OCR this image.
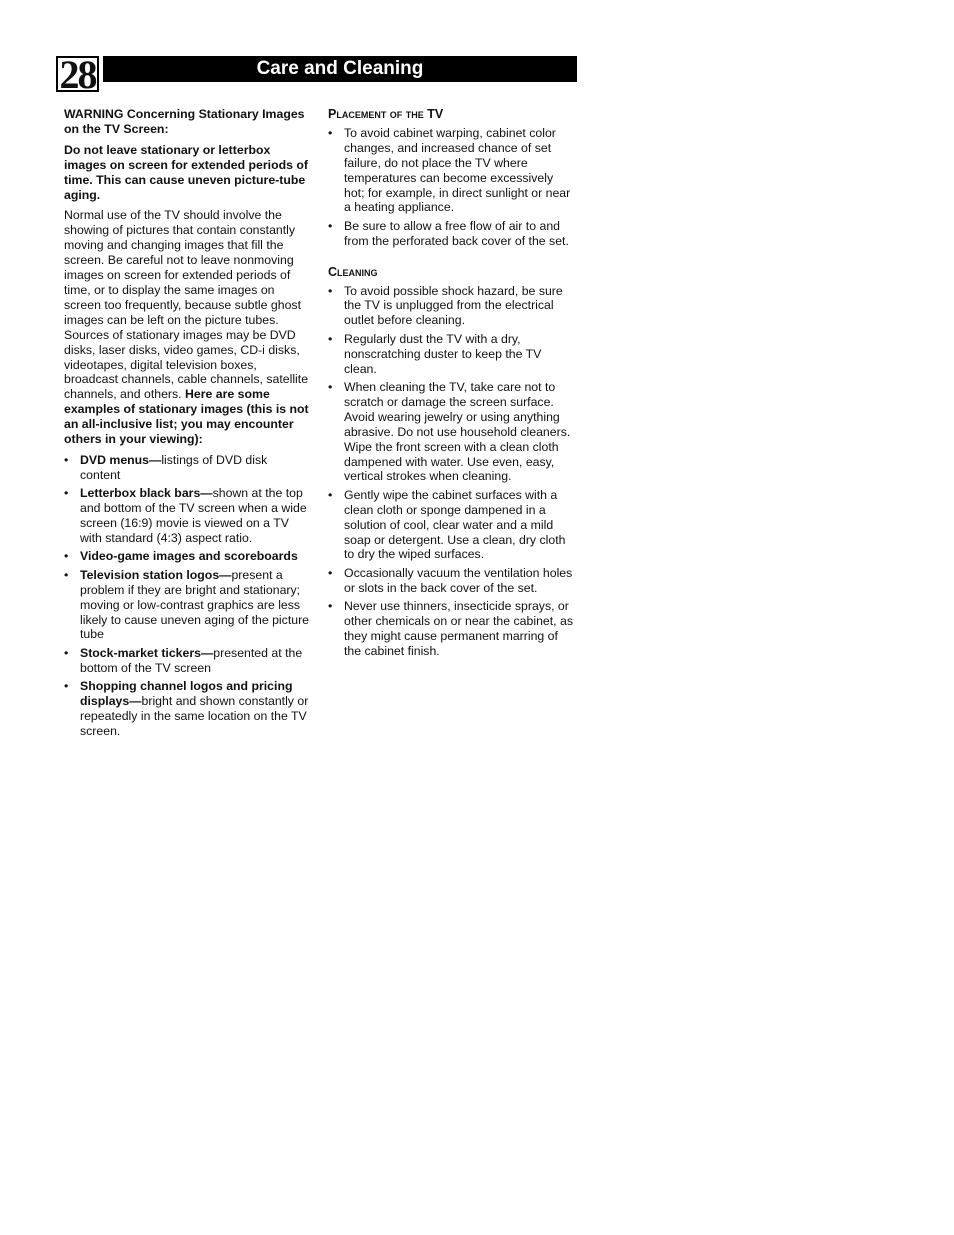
28	Care and Cleaning

WARNING Concerning Stationary Images on the TV Screen:

Do not leave stationary or letterbox images on screen for extended periods of time. This can cause uneven picture-tube aging.

Normal use of the TV should involve the showing of pictures that contain constantly moving and changing images that fill the screen. Be careful not to leave nonmoving images on screen for extended periods of time, or to display the same images on screen too frequently, because subtle ghost images can be left on the picture tubes. Sources of stationary images may be DVD disks, laser disks, video games, CD-i disks, videotapes, digital television boxes, broadcast channels, cable channels, satellite channels, and others. Here are some examples of stationary images (this is not an all-inclusive list; you may encounter others in your viewing):

• DVD menus—listings of DVD disk content
• Letterbox black bars—shown at the top and bottom of the TV screen when a wide screen (16:9) movie is viewed on a TV with standard (4:3) aspect ratio.
• Video-game images and scoreboards
• Television station logos—present a problem if they are bright and stationary; moving or low-contrast graphics are less likely to cause uneven aging of the picture tube
• Stock-market tickers—presented at the bottom of the TV screen
• Shopping channel logos and pricing displays—bright and shown constantly or repeatedly in the same location on the TV screen.

Placement of the TV

• To avoid cabinet warping, cabinet color changes, and increased chance of set failure, do not place the TV where temperatures can become excessively hot; for example, in direct sunlight or near a heating appliance.
• Be sure to allow a free flow of air to and from the perforated back cover of the set.

Cleaning

• To avoid possible shock hazard, be sure the TV is unplugged from the electrical outlet before cleaning.
• Regularly dust the TV with a dry, nonscratching duster to keep the TV clean.
• When cleaning the TV, take care not to scratch or damage the screen surface. Avoid wearing jewelry or using anything abrasive. Do not use household cleaners. Wipe the front screen with a clean cloth dampened with water. Use even, easy, vertical strokes when cleaning.
• Gently wipe the cabinet surfaces with a clean cloth or sponge dampened in a solution of cool, clear water and a mild soap or detergent. Use a clean, dry cloth to dry the wiped surfaces.
• Occasionally vacuum the ventilation holes or slots in the back cover of the set.
• Never use thinners, insecticide sprays, or other chemicals on or near the cabinet, as they might cause permanent marring of the cabinet finish.
